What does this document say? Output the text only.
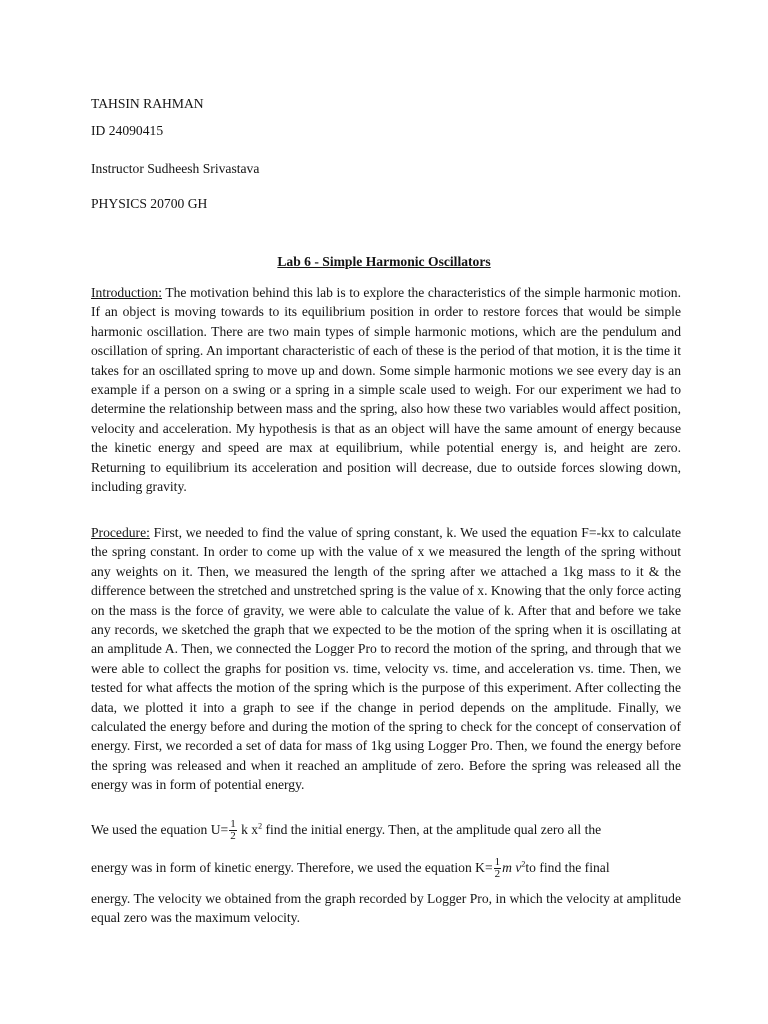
TAHSIN RAHMAN

ID 24090415

Instructor Sudheesh Srivastava

PHYSICS 20700 GH

Lab 6 - Simple Harmonic Oscillators

Introduction: The motivation behind this lab is to explore the characteristics of the simple harmonic motion. If an object is moving towards to its equilibrium position in order to restore forces that would be simple harmonic oscillation. There are two main types of simple harmonic motions, which are the pendulum and oscillation of spring. An important characteristic of each of these is the period of that motion, it is the time it takes for an oscillated spring to move up and down. Some simple harmonic motions we see every day is an example if a person on a swing or a spring in a simple scale used to weigh. For our experiment we had to determine the relationship between mass and the spring, also how these two variables would affect position, velocity and acceleration. My hypothesis is that as an object will have the same amount of energy because the kinetic energy and speed are max at equilibrium, while potential energy is, and height are zero. Returning to equilibrium its acceleration and position will decrease, due to outside forces slowing down, including gravity.

Procedure: First, we needed to find the value of spring constant, k. We used the equation F=-kx to calculate the spring constant. In order to come up with the value of x we measured the length of the spring without any weights on it. Then, we measured the length of the spring after we attached a 1kg mass to it & the difference between the stretched and unstretched spring is the value of x. Knowing that the only force acting on the mass is the force of gravity, we were able to calculate the value of k. After that and before we take any records, we sketched the graph that we expected to be the motion of the spring when it is oscillating at an amplitude A. Then, we connected the Logger Pro to record the motion of the spring, and through that we were able to collect the graphs for position vs. time, velocity vs. time, and acceleration vs. time. Then, we tested for what affects the motion of the spring which is the purpose of this experiment. After collecting the data, we plotted it into a graph to see if the change in period depends on the amplitude. Finally, we calculated the energy before and during the motion of the spring to check for the concept of conservation of energy. First, we recorded a set of data for mass of 1kg using Logger Pro. Then, we found the energy before the spring was released and when it reached an amplitude of zero. Before the spring was released all the energy was in form of potential energy.

We used the equation $U= \frac{1}{2}$ k $x^2$ find the initial energy. Then, at the amplitude qual zero all the

energy was in form of kinetic energy. Therefore, we used the equation $K= \frac{1}{2}$ m $v^2to$ find the final

energy. The velocity we obtained from the graph recorded by Logger Pro, in which the velocity at amplitude equal zero was the maximum velocity.
